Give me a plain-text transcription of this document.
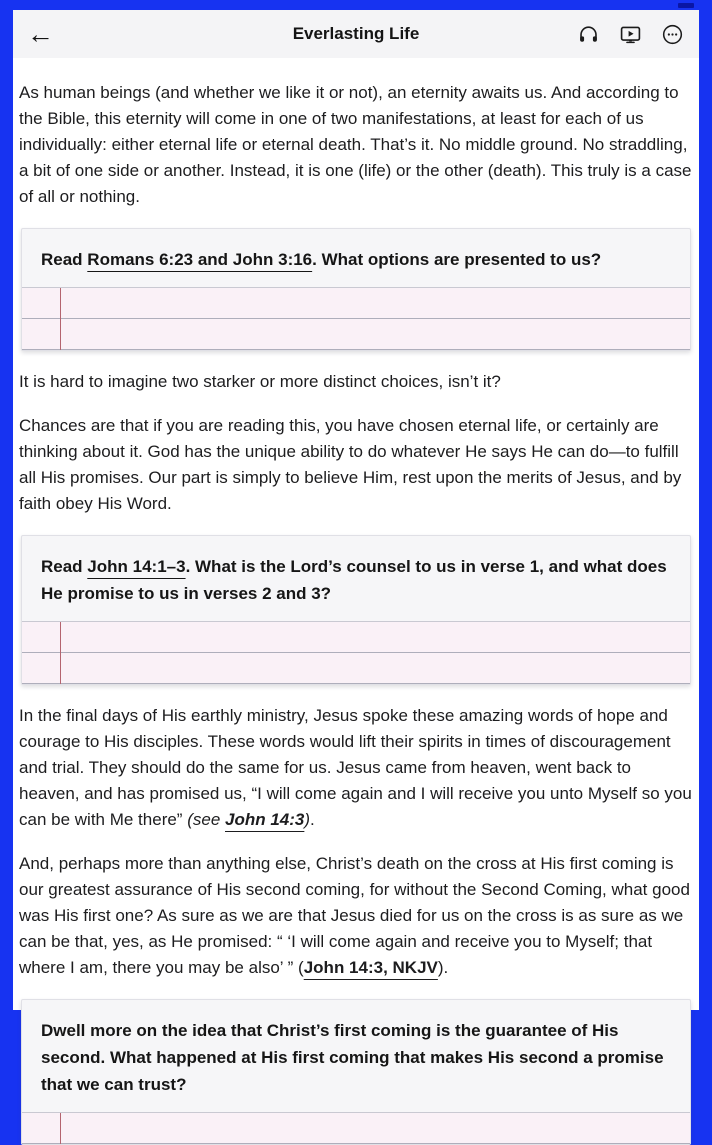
←	Everlasting Life

As human beings (and whether we like it or not), an eternity awaits us. And according to the Bible, this eternity will come in one of two manifestations, at least for each of us individually: either eternal life or eternal death. That’s it. No middle ground. No straddling, a bit of one side or another. Instead, it is one (life) or the other (death). This truly is a case of all or nothing.

Read Romans 6:23 and John 3:16. What options are presented to us?

It is hard to imagine two starker or more distinct choices, isn’t it?

Chances are that if you are reading this, you have chosen eternal life, or certainly are thinking about it. God has the unique ability to do whatever He says He can do—to fulfill all His promises. Our part is simply to believe Him, rest upon the merits of Jesus, and by faith obey His Word.

Read John 14:1–3. What is the Lord’s counsel to us in verse 1, and what does He promise to us in verses 2 and 3?

In the final days of His earthly ministry, Jesus spoke these amazing words of hope and courage to His disciples. These words would lift their spirits in times of discouragement and trial. They should do the same for us. Jesus came from heaven, went back to heaven, and has promised us, “I will come again and I will receive you unto Myself so you can be with Me there” (see John 14:3).

And, perhaps more than anything else, Christ’s death on the cross at His first coming is our greatest assurance of His second coming, for without the Second Coming, what good was His first one? As sure as we are that Jesus died for us on the cross is as sure as we can be that, yes, as He promised: “ ‘I will come again and receive you to Myself; that where I am, there you may be also’ ” (John 14:3, NKJV).

Dwell more on the idea that Christ’s first coming is the guarantee of His second. What happened at His first coming that makes His second a promise that we can trust?
